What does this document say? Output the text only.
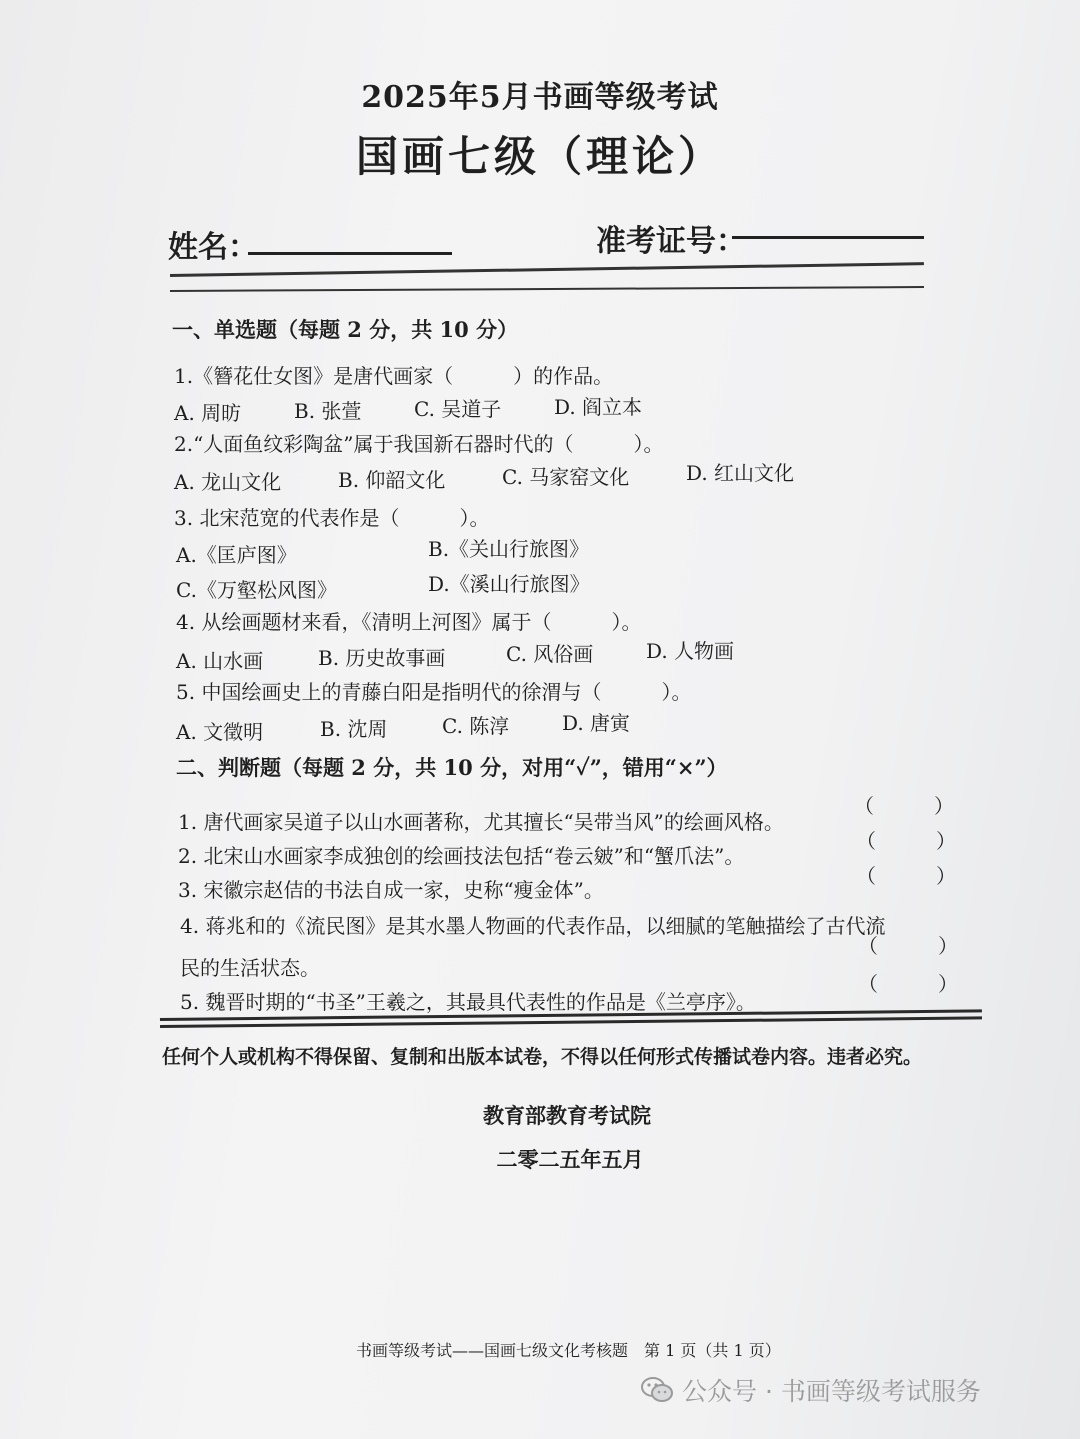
2025年5月书画等级考试
国画七级（理论）
姓名：	准考证号：
一、单选题（每题 2 分，共 10 分）
1.《簪花仕女图》是唐代画家（　　　）的作品。
A. 周昉	B. 张萱	C. 吴道子	D. 阎立本
2.“人面鱼纹彩陶盆”属于我国新石器时代的（　　　）。
A. 龙山文化	B. 仰韶文化	C. 马家窑文化	D. 红山文化
3. 北宋范宽的代表作是（　　　）。
A.《匡庐图》	B.《关山行旅图》
C.《万壑松风图》	D.《溪山行旅图》
4. 从绘画题材来看，《清明上河图》属于（　　　）。
A. 山水画	B. 历史故事画	C. 风俗画	D. 人物画
5. 中国绘画史上的青藤白阳是指明代的徐渭与（　　　）。
A. 文徵明	B. 沈周	C. 陈淳	D. 唐寅
二、判断题（每题 2 分，共 10 分，对用“✓”，错用“×”）
1. 唐代画家吴道子以山水画著称，尤其擅长“吴带当风”的绘画风格。
（　　　）
2. 北宋山水画家李成独创的绘画技法包括“卷云皴”和“蟹爪法”。
（　　　）
3. 宋徽宗赵佶的书法自成一家，史称“瘦金体”。
（　　　）
4. 蒋兆和的《流民图》是其水墨人物画的代表作品，以细腻的笔触描绘了古代流
民的生活状态。
（　　　）
5. 魏晋时期的“书圣”王羲之，其最具代表性的作品是《兰亭序》。
（　　　）
任何个人或机构不得保留、复制和出版本试卷，不得以任何形式传播试卷内容。违者必究。
教育部教育考试院
二零二五年五月
书画等级考试——国画七级文化考核题　第 1 页（共 1 页）
公众号 · 书画等级考试服务
